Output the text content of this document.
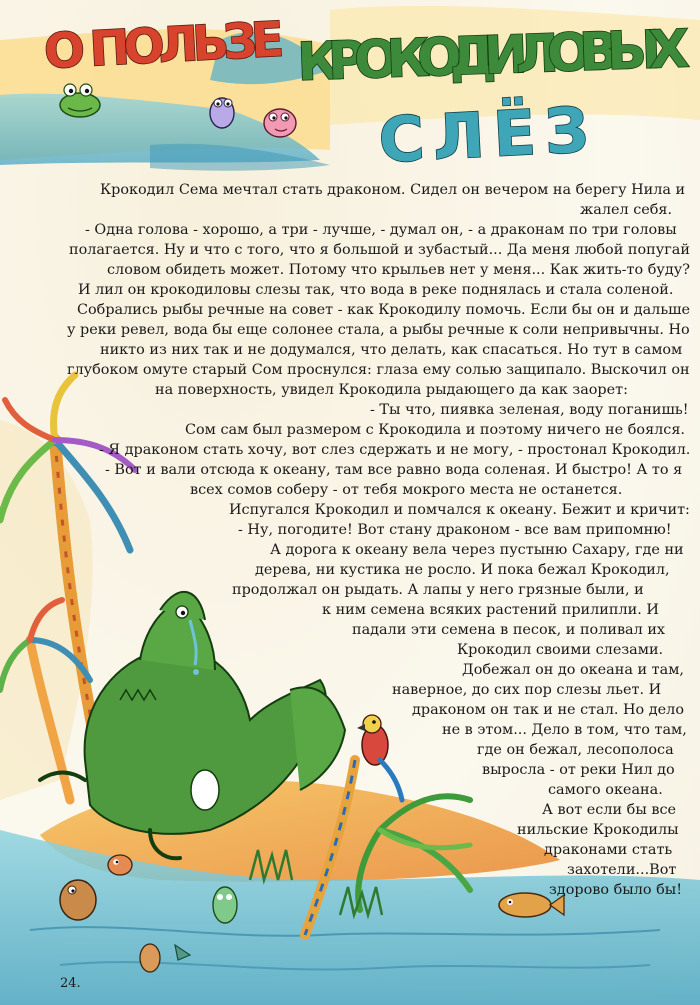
О ПОЛЬЗЕ КРОКОДИЛОВЫХ
СЛЁЗ
Крокодил Сема мечтал стать драконом. Сидел он вечером на берегу Нила и
жалел себя.
- Одна голова - хорошо, а три - лучше, - думал он, - а драконам по три головы
полагается. Ну и что с того, что я большой и зубастый... Да меня любой попугай
словом обидеть может. Потому что крыльев нет у меня... Как жить-то буду?
И лил он крокодиловы слезы так, что вода в реке поднялась и стала соленой.
Собрались рыбы речные на совет - как Крокодилу помочь. Если бы он и дальше
у реки ревел, вода бы еще солонее стала, а рыбы речные к соли непривычны. Но
никто из них так и не додумался, что делать, как спасаться. Но тут в самом
глубоком омуте старый Сом проснулся: глаза ему солью защипало. Выскочил он
на поверхность, увидел Крокодила рыдающего да как заорет:
- Ты что, пиявка зеленая, воду поганишь!
Сом сам был размером с Крокодила и поэтому ничего не боялся.
- Я драконом стать хочу, вот слез сдержать и не могу, - простонал Крокодил.
- Вот и вали отсюда к океану, там все равно вода соленая. И быстро! А то я
всех сомов соберу - от тебя мокрого места не останется.
Испугался Крокодил и помчался к океану. Бежит и кричит:
- Ну, погодите! Вот стану драконом - все вам припомню!
А дорога к океану вела через пустыню Сахару, где ни
дерева, ни кустика не росло. И пока бежал Крокодил,
продолжал он рыдать. А лапы у него грязные были, и
к ним семена всяких растений прилипли. И
падали эти семена в песок, и поливал их
Крокодил своими слезами.
Добежал он до океана и там,
наверное, до сих пор слезы льет. И
драконом он так и не стал. Но дело
не в этом... Дело в том, что там,
где он бежал, лесополоса
выросла - от реки Нил до
самого океана.
А вот если бы все
нильские Крокодилы
драконами стать
захотели...Вот
здорово было бы!
24.
